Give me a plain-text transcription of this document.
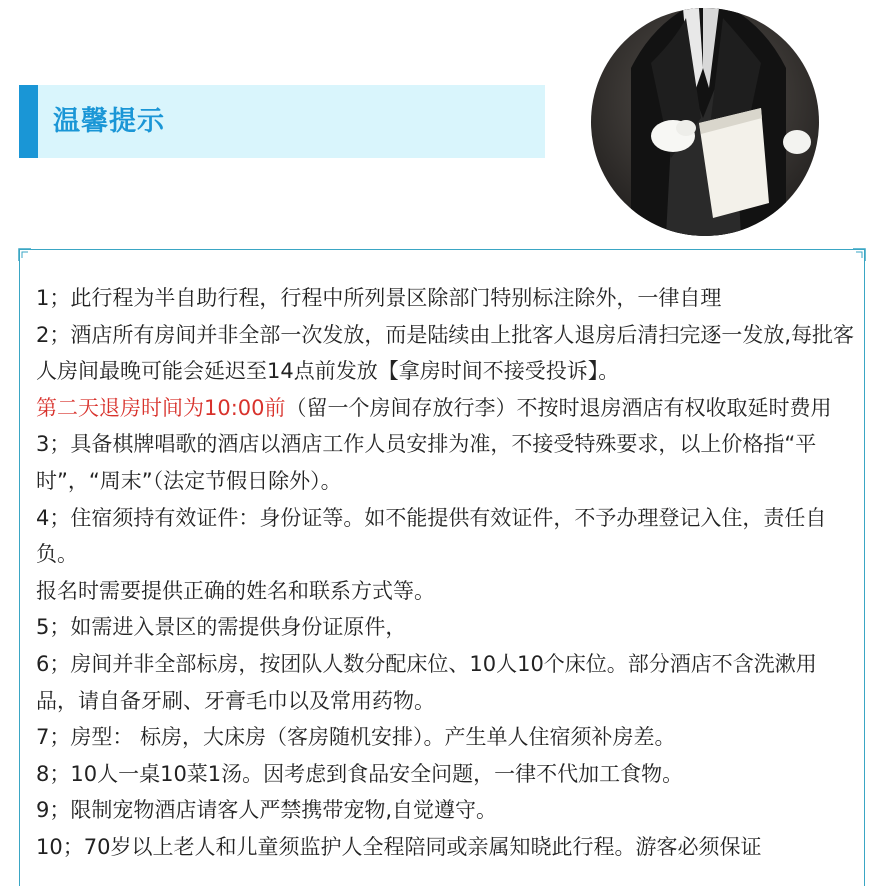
温馨提示

1；此行程为半自助行程，行程中所列景区除部门特别标注除外，一律自理

2；酒店所有房间并非全部一次发放，而是陆续由上批客人退房后清扫完逐一发放,每批客人房间最晚可能会延迟至14点前发放【拿房时间不接受投诉】。

第二天退房时间为10:00前（留一个房间存放行李）不按时退房酒店有权收取延时费用

3；具备棋牌唱歌的酒店以酒店工作人员安排为准，不接受特殊要求，以上价格指“平时”，“周末”（法定节假日除外）。

4；住宿须持有效证件：身份证等。如不能提供有效证件，不予办理登记入住，责任自负。

报名时需要提供正确的姓名和联系方式等。

5；如需进入景区的需提供身份证原件，

6；房间并非全部标房，按团队人数分配床位、10人10个床位。部分酒店不含洗漱用品，请自备牙刷、牙膏毛巾以及常用药物。

7；房型： 标房，大床房（客房随机安排）。产生单人住宿须补房差。

8；10人一桌10菜1汤。因考虑到食品安全问题，一律不代加工食物。

9；限制宠物酒店请客人严禁携带宠物,自觉遵守。

10；70岁以上老人和儿童须监护人全程陪同或亲属知晓此行程。游客必须保证
